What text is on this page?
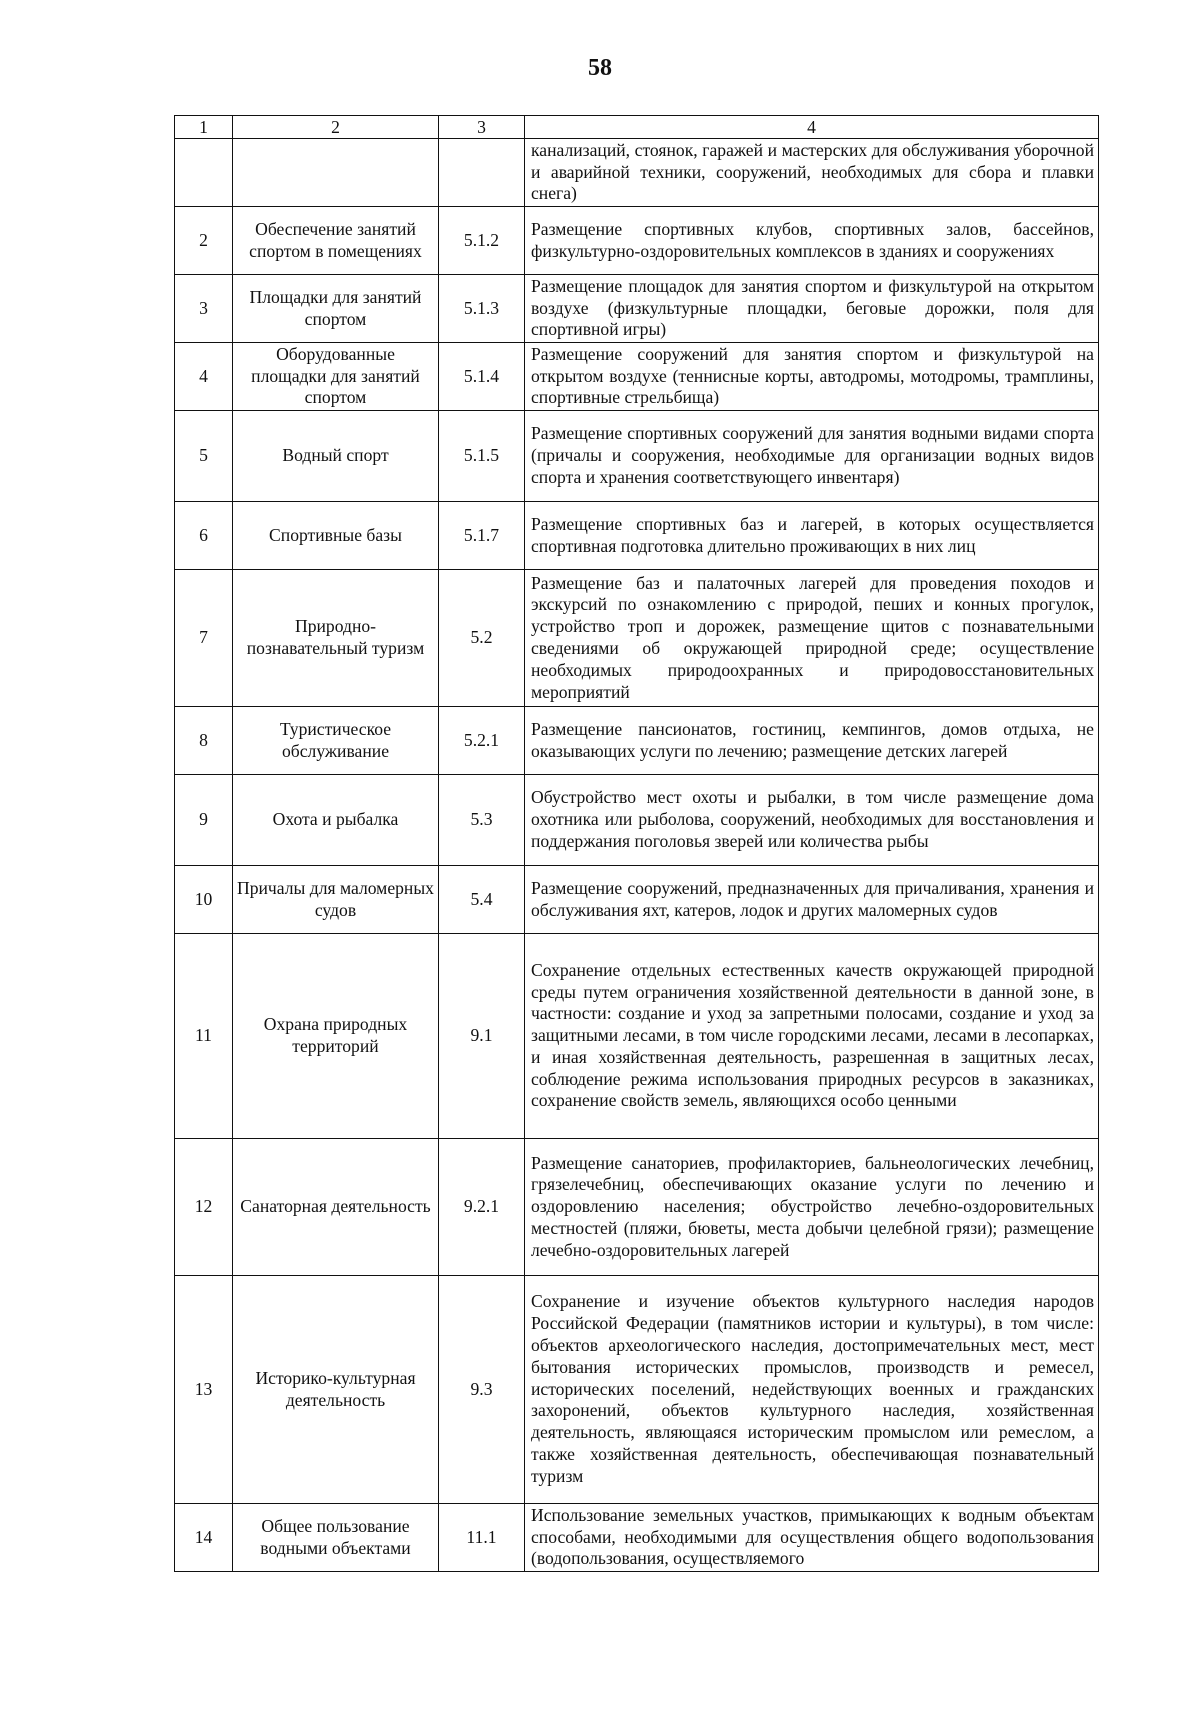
58
1	2	3	4
			канализаций, стоянок, гаражей и мастерских для обслуживания уборочной и аварийной техники, сооружений, необходимых для сбора и плавки снега)
2	Обеспечение занятий спортом в помещениях	5.1.2	Размещение спортивных клубов, спортивных залов, бассейнов, физкультурно-оздоровительных комплексов в зданиях и сооружениях
3	Площадки для занятий спортом	5.1.3	Размещение площадок для занятия спортом и физкультурой на открытом воздухе (физкультурные площадки, беговые дорожки, поля для спортивной игры)
4	Оборудованные площадки для занятий спортом	5.1.4	Размещение сооружений для занятия спортом и физкультурой на открытом воздухе (теннисные корты, автодромы, мотодромы, трамплины, спортивные стрельбища)
5	Водный спорт	5.1.5	Размещение спортивных сооружений для занятия водными видами спорта (причалы и сооружения, необходимые для организации водных видов спорта и хранения соответствующего инвентаря)
6	Спортивные базы	5.1.7	Размещение спортивных баз и лагерей, в которых осуществляется спортивная подготовка длительно проживающих в них лиц
7	Природно-познавательный туризм	5.2	Размещение баз и палаточных лагерей для проведения походов и экскурсий по ознакомлению с природой, пеших и конных прогулок, устройство троп и дорожек, размещение щитов с познавательными сведениями об окружающей природной среде; осуществление необходимых природоохранных и природовосстановительных мероприятий
8	Туристическое обслуживание	5.2.1	Размещение пансионатов, гостиниц, кемпингов, домов отдыха, не оказывающих услуги по лечению; размещение детских лагерей
9	Охота и рыбалка	5.3	Обустройство мест охоты и рыбалки, в том числе размещение дома охотника или рыболова, сооружений, необходимых для восстановления и поддержания поголовья зверей или количества рыбы
10	Причалы для маломерных судов	5.4	Размещение сооружений, предназначенных для причаливания, хранения и обслуживания яхт, катеров, лодок и других маломерных судов
11	Охрана природных территорий	9.1	Сохранение отдельных естественных качеств окружающей природной среды путем ограничения хозяйственной деятельности в данной зоне, в частности: создание и уход за запретными полосами, создание и уход за защитными лесами, в том числе городскими лесами, лесами в лесопарках, и иная хозяйственная деятельность, разрешенная в защитных лесах, соблюдение режима использования природных ресурсов в заказниках, сохранение свойств земель, являющихся особо ценными
12	Санаторная деятельность	9.2.1	Размещение санаториев, профилакториев, бальнеологических лечебниц, грязелечебниц, обеспечивающих оказание услуги по лечению и оздоровлению населения; обустройство лечебно-оздоровительных местностей (пляжи, бюветы, места добычи целебной грязи); размещение лечебно-оздоровительных лагерей
13	Историко-культурная деятельность	9.3	Сохранение и изучение объектов культурного наследия народов Российской Федерации (памятников истории и культуры), в том числе: объектов археологического наследия, достопримечательных мест, мест бытования исторических промыслов, производств и ремесел, исторических поселений, недействующих военных и гражданских захоронений, объектов культурного наследия, хозяйственная деятельность, являющаяся историческим промыслом или ремеслом, а также хозяйственная деятельность, обеспечивающая познавательный туризм
14	Общее пользование водными объектами	11.1	Использование земельных участков, примыкающих к водным объектам способами, необходимыми для осуществления общего водопользования (водопользования, осуществляемого
